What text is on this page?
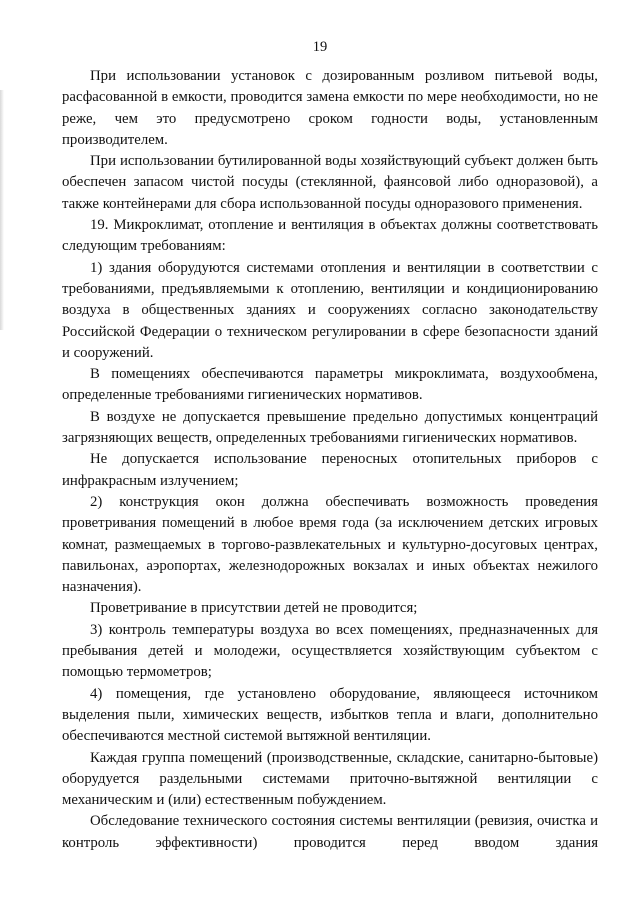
19

При использовании установок с дозированным розливом питьевой воды, расфасованной в емкости, проводится замена емкости по мере необходимости, но не реже, чем это предусмотрено сроком годности воды, установленным производителем.

При использовании бутилированной воды хозяйствующий субъект должен быть обеспечен запасом чистой посуды (стеклянной, фаянсовой либо одноразовой), а также контейнерами для сбора использованной посуды одноразового применения.

19. Микроклимат, отопление и вентиляция в объектах должны соответствовать следующим требованиям:

1) здания оборудуются системами отопления и вентиляции в соответствии с требованиями, предъявляемыми к отоплению, вентиляции и кондиционированию воздуха в общественных зданиях и сооружениях согласно законодательству Российской Федерации о техническом регулировании в сфере безопасности зданий и сооружений.

В помещениях обеспечиваются параметры микроклимата, воздухообмена, определенные требованиями гигиенических нормативов.

В воздухе не допускается превышение предельно допустимых концентраций загрязняющих веществ, определенных требованиями гигиенических нормативов.

Не допускается использование переносных отопительных приборов с инфракрасным излучением;

2) конструкция окон должна обеспечивать возможность проведения проветривания помещений в любое время года (за исключением детских игровых комнат, размещаемых в торгово-развлекательных и культурно-досуговых центрах, павильонах, аэропортах, железнодорожных вокзалах и иных объектах нежилого назначения).

Проветривание в присутствии детей не проводится;

3) контроль температуры воздуха во всех помещениях, предназначенных для пребывания детей и молодежи, осуществляется хозяйствующим субъектом с помощью термометров;

4) помещения, где установлено оборудование, являющееся источником выделения пыли, химических веществ, избытков тепла и влаги, дополнительно обеспечиваются местной системой вытяжной вентиляции.

Каждая группа помещений (производственные, складские, санитарно-бытовые) оборудуется раздельными системами приточно-вытяжной вентиляции с механическим и (или) естественным побуждением.

Обследование технического состояния системы вентиляции (ревизия, очистка и контроль эффективности) проводится перед вводом здания
